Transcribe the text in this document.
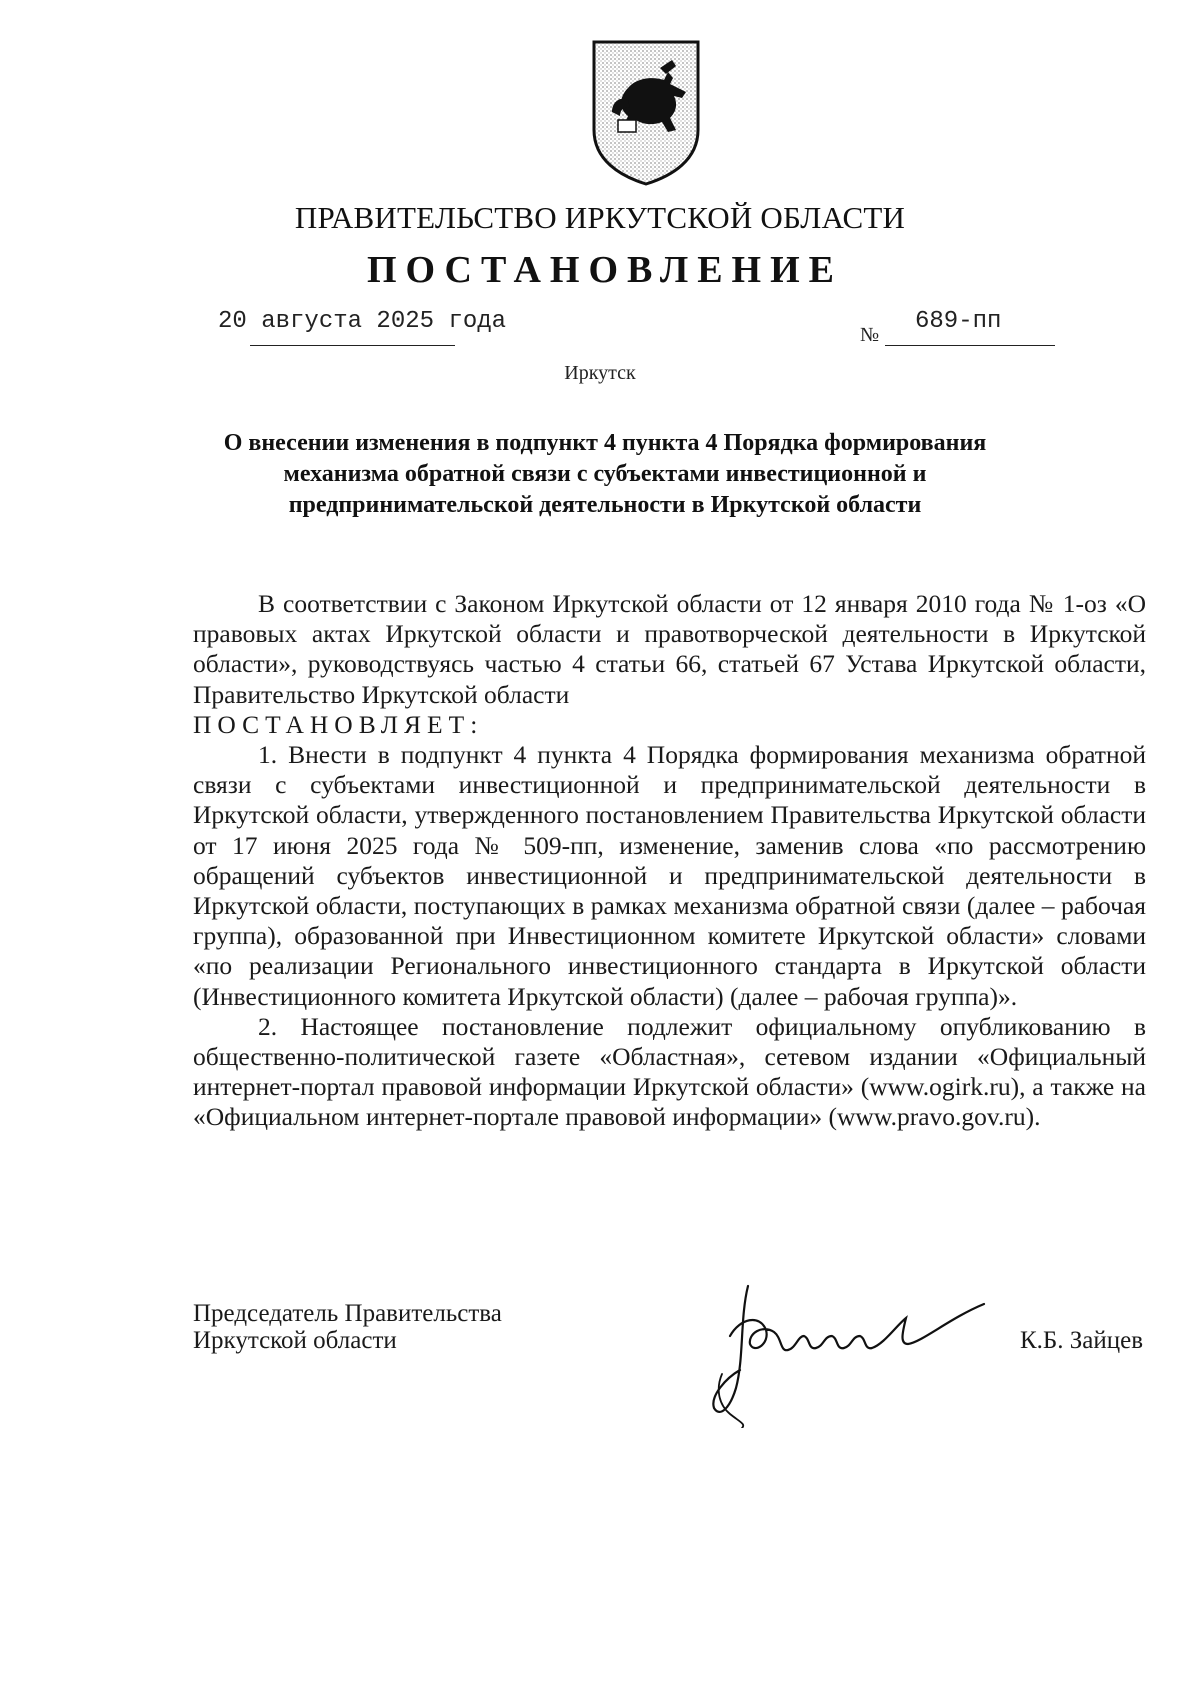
ПРАВИТЕЛЬСТВО ИРКУТСКОЙ ОБЛАСТИ
ПОСТАНОВЛЕНИЕ
20 августа 2025 года	№ 689-пп
Иркутск
О внесении изменения в подпункт 4 пункта 4 Порядка формирования
механизма обратной связи с субъектами инвестиционной и
предпринимательской деятельности в Иркутской области

В соответствии с Законом Иркутской области от 12 января 2010 года № 1-оз «О правовых актах Иркутской области и правотворческой деятельности в Иркутской области», руководствуясь частью 4 статьи 66, статьей 67 Устава Иркутской области, Правительство Иркутской области

ПОСТАНОВЛЯЕТ:

1. Внести в подпункт 4 пункта 4 Порядка формирования механизма обратной связи с субъектами инвестиционной и предпринимательской деятельности в Иркутской области, утвержденного постановлением Правительства Иркутской области от 17 июня 2025 года № 509-пп, изменение, заменив слова «по рассмотрению обращений субъектов инвестиционной и предпринимательской деятельности в Иркутской области, поступающих в рамках механизма обратной связи (далее – рабочая группа), образованной при Инвестиционном комитете Иркутской области» словами «по реализации Регионального инвестиционного стандарта в Иркутской области (Инвестиционного комитета Иркутской области) (далее – рабочая группа)».

2. Настоящее постановление подлежит официальному опубликованию в общественно-политической газете «Областная», сетевом издании «Официальный интернет-портал правовой информации Иркутской области» (www.ogirk.ru), а также на «Официальном интернет-портале правовой информации» (www.pravo.gov.ru).

Председатель Правительства
Иркутской области	К.Б. Зайцев
